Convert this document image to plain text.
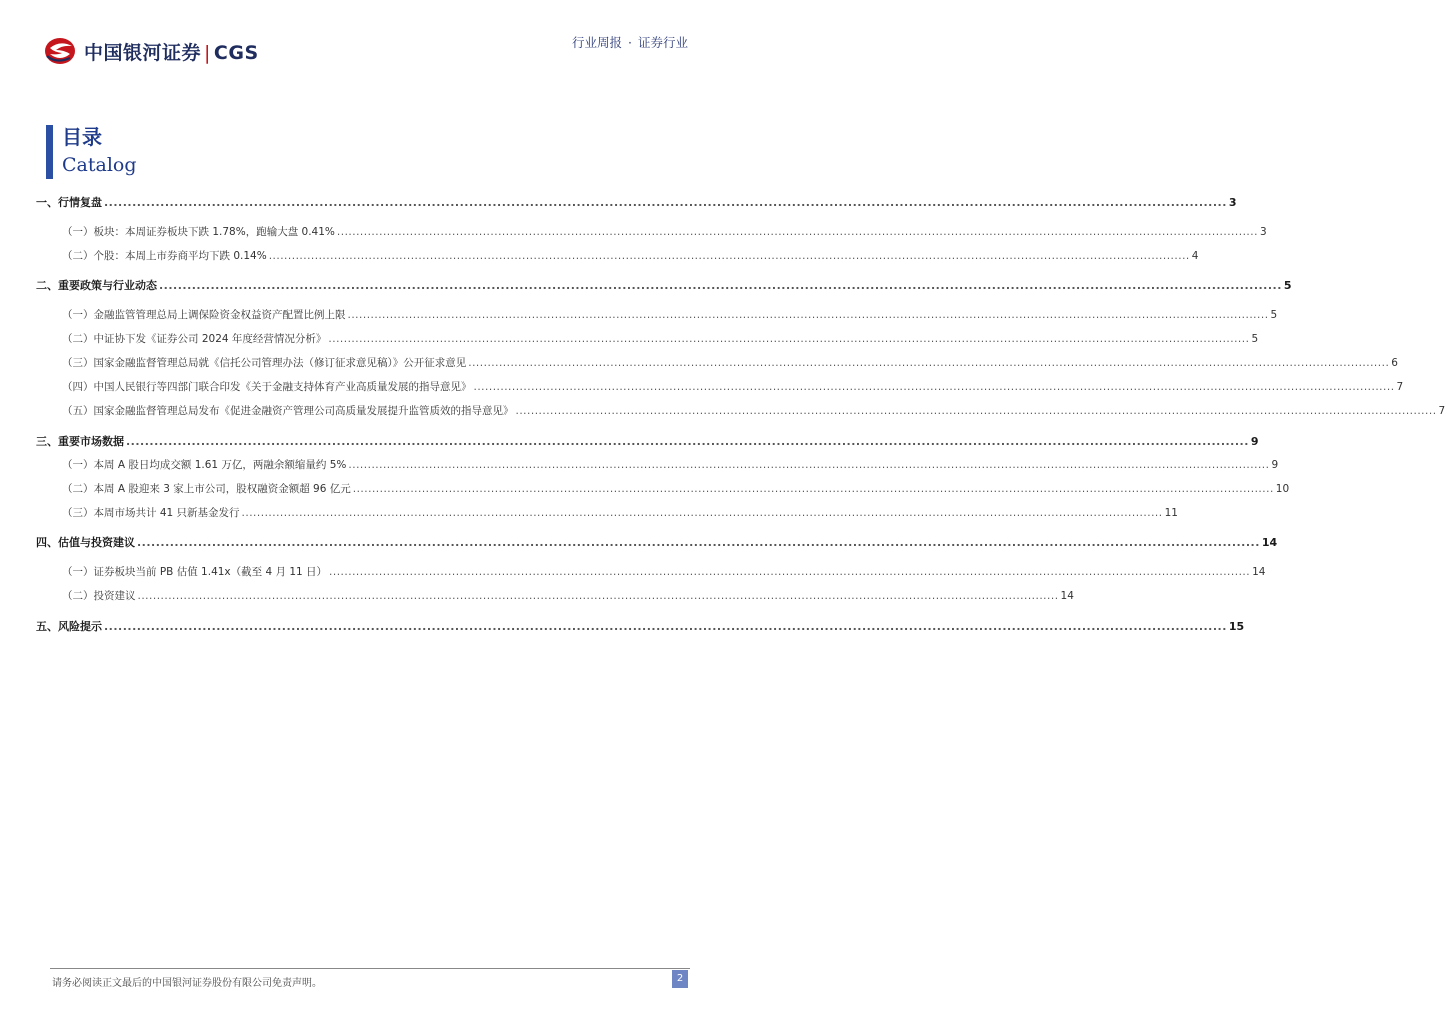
中国银河证券 | CGS	行业周报 · 证券行业
目录
Catalog
一、行情复盘 .....	3
（一）板块：本周证券板块下跌 1.78%，跑输大盘 0.41% .....	3
（二）个股：本周上市券商平均下跌 0.14% .....	4
二、重要政策与行业动态 .....	5
（一）金融监管管理总局上调保险资金权益资产配置比例上限 .....	5
（二）中证协下发《证券公司 2024 年度经营情况分析》 .....	5
（三）国家金融监督管理总局就《信托公司管理办法（修订征求意见稿）》公开征求意见 .....	6
（四）中国人民银行等四部门联合印发《关于金融支持体育产业高质量发展的指导意见》 .....	7
（五）国家金融监督管理总局发布《促进金融资产管理公司高质量发展提升监管质效的指导意见》 .....	7
三、重要市场数据 .....	9
（一）本周 A 股日均成交额 1.61 万亿，两融余额缩量约 5% .....	9
（二）本周 A 股迎来 3 家上市公司，股权融资金额超 96 亿元 .....	10
（三）本周市场共计 41 只新基金发行 .....	11
四、估值与投资建议 .....	14
（一）证券板块当前 PB 估值 1.41x（截至 4 月 11 日） .....	14
（二）投资建议 .....	14
五、风险提示 .....	15
请务必阅读正文最后的中国银河证券股份有限公司免责声明。	2
